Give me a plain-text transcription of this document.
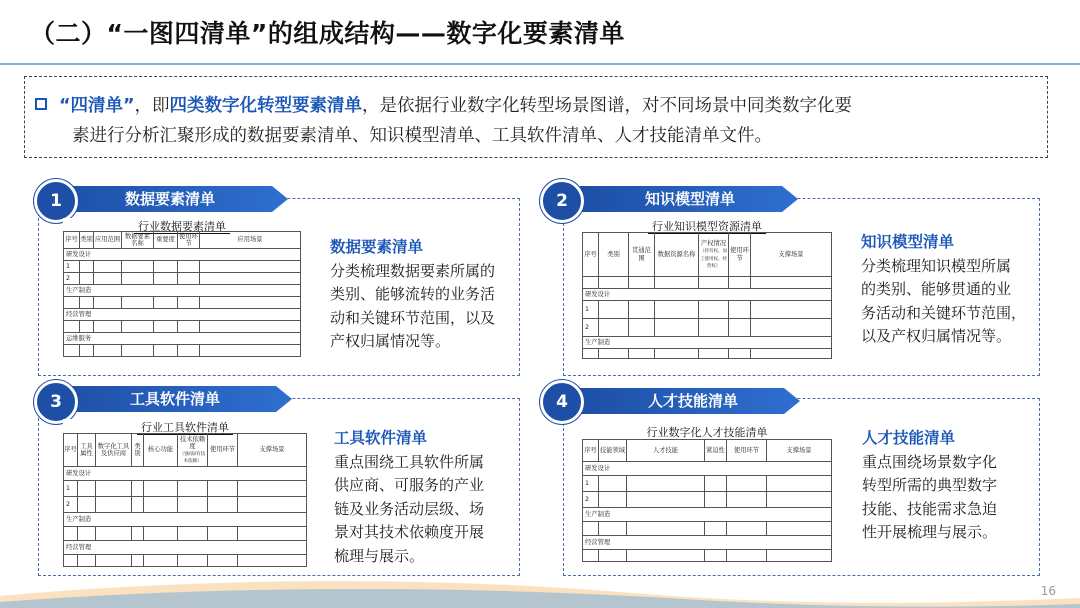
（二）“一图四清单”的组成结构——数字化要素清单
“四清单”，即四类数字化转型要素清单，是依据行业数字化转型场景图谱，对不同场景中同类数字化要
素进行分析汇聚形成的数据要素清单、知识模型清单、工具软件清单、人才技能清单文件。
数据要素清单
1
行业数据要素清单
序号	类别	应用范围	数据要素名称	重要度	使用环节	应用场景
研发设计						
1						
2						
生产制造						

经营管理						

运维服务						

数据要素清单
分类梳理数据要素所属的
类别、能够流转的业务活
动和关键环节范围，以及
产权归属情况等。
知识模型清单
2
行业知识模型资源清单
序号	类别	贯通范围	数据资源名称	产权情况
（持有权、加工使用权、经营权）	使用环节	支撑场景

研发设计						
1						
2						
生产制造						

知识模型清单
分类梳理知识模型所属
的类别、能够贯通的业
务活动和关键环节范围，
以及产权归属情况等。
工具软件清单
3
行业工具软件清单
序号	工具属性	数字化工具及供应商	类别	核心功能	技术依赖度
（强/弱/有技术依赖）	使用环节	支撑场景
研发设计							
1							
2							
生产制造							

经营管理							

工具软件清单
重点围绕工具软件所属
供应商、可服务的产业
链及业务活动层级、场
景对其技术依赖度开展
梳理与展示。
人才技能清单
4
行业数字化人才技能清单
序号	技能领域	人才技能	紧迫性	使用环节	支撑场景
研发设计					
1					
2					
生产制造					

经营管理					

人才技能清单
重点围绕场景数字化
转型所需的典型数字
技能、技能需求急迫
性开展梳理与展示。
16
